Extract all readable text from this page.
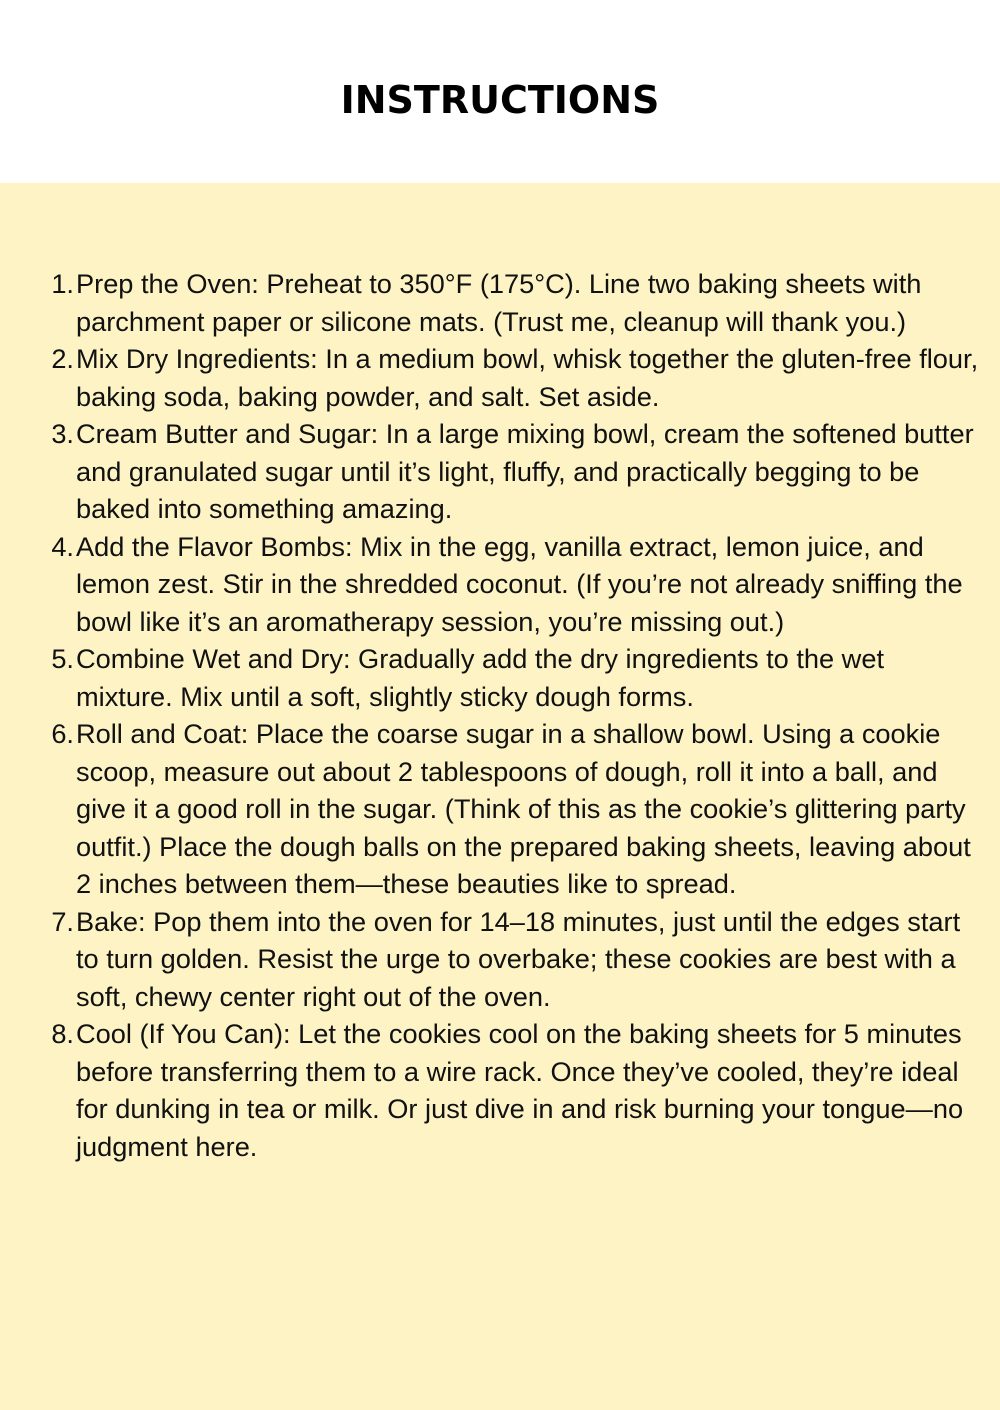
INSTRUCTIONS
1. Prep the Oven: Preheat to 350°F (175°C). Line two baking sheets with parchment paper or silicone mats. (Trust me, cleanup will thank you.)
2. Mix Dry Ingredients: In a medium bowl, whisk together the gluten-free flour, baking soda, baking powder, and salt. Set aside.
3. Cream Butter and Sugar: In a large mixing bowl, cream the softened butter and granulated sugar until it’s light, fluffy, and practically begging to be baked into something amazing.
4. Add the Flavor Bombs: Mix in the egg, vanilla extract, lemon juice, and lemon zest. Stir in the shredded coconut. (If you’re not already sniffing the bowl like it’s an aromatherapy session, you’re missing out.)
5. Combine Wet and Dry: Gradually add the dry ingredients to the wet mixture. Mix until a soft, slightly sticky dough forms.
6. Roll and Coat: Place the coarse sugar in a shallow bowl. Using a cookie scoop, measure out about 2 tablespoons of dough, roll it into a ball, and give it a good roll in the sugar. (Think of this as the cookie’s glittering party outfit.) Place the dough balls on the prepared baking sheets, leaving about 2 inches between them—these beauties like to spread.
7. Bake: Pop them into the oven for 14–18 minutes, just until the edges start to turn golden. Resist the urge to overbake; these cookies are best with a soft, chewy center right out of the oven.
8. Cool (If You Can): Let the cookies cool on the baking sheets for 5 minutes before transferring them to a wire rack. Once they’ve cooled, they’re ideal for dunking in tea or milk. Or just dive in and risk burning your tongue—no judgment here.
